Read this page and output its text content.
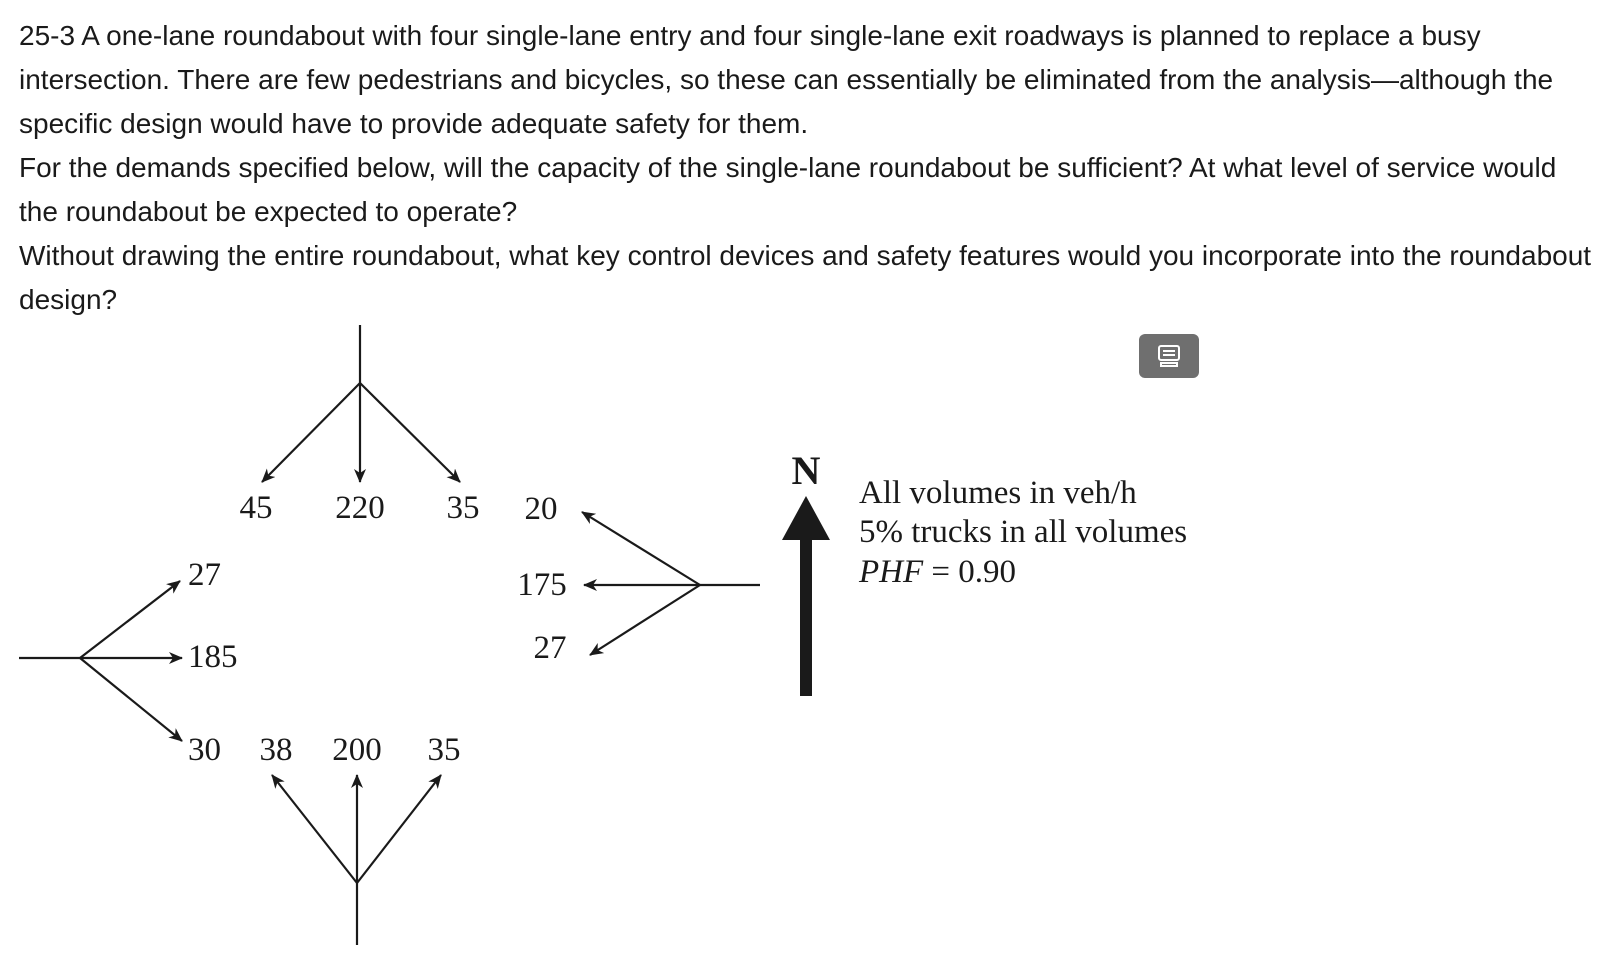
25-3 A one-lane roundabout with four single-lane entry and four single-lane exit roadways is planned to replace a busy intersection. There are few pedestrians and bicycles, so these can essentially be eliminated from the analysis—although the specific design would have to provide adequate safety for them.

For the demands specified below, will the capacity of the single-lane roundabout be sufficient? At what level of service would the roundabout be expected to operate?

Without drawing the entire roundabout, what key control devices and safety features would you incorporate into the roundabout design?

45 220 35 20
175
27
27
185
30 38 200 35
N All volumes in veh/h
5% trucks in all volumes
PHF = 0.90
